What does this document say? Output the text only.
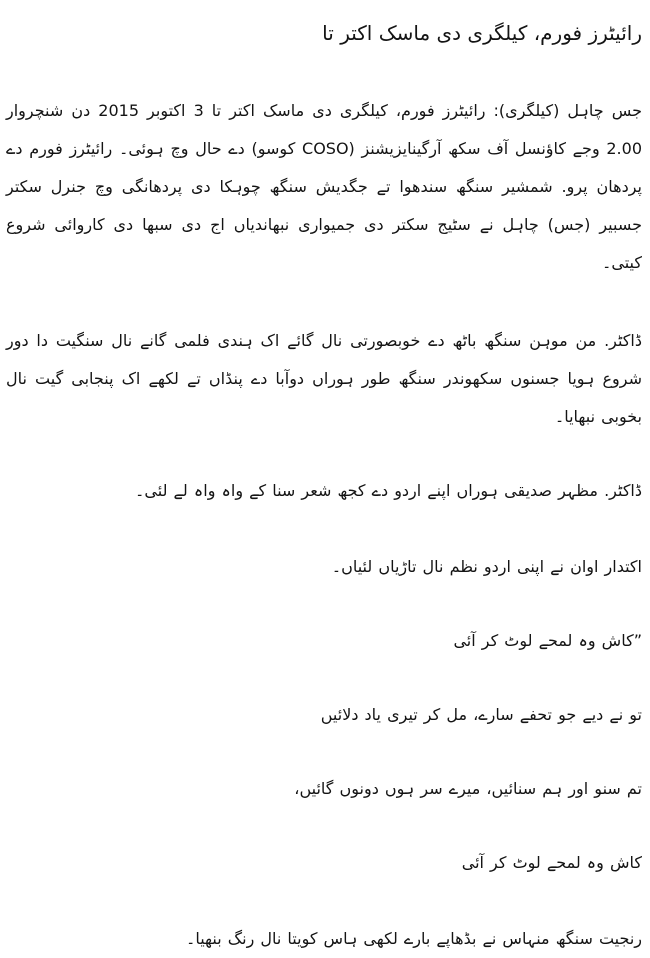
رائیٹرز فورم، کیلگری دی ماسک اکتر تا

جس چاہل (کیلگری): رائیٹرز فورم، کیلگری دی ماسک اکتر تا 3 اکتوبر 2015 دن شنچروار 2.00 وجے کاؤنسل آف سکھ آرگینایزیشنز (COSO کوسو) دے حال وچ ہوئی۔ رائیٹرز فورم دے پردھان پرو. شمشیر سنگھ سندھوا تے جگدیش سنگھ چوہکا دی پردھانگی وچ جنرل سکتر جسبیر (جس) چاہل نے سٹیج سکتر دی جمیواری نبھاندیاں اج دی سبھا دی کاروائی شروع کیتی۔

ڈاکٹر. من موہن سنگھ باٹھ دے خوبصورتی نال گائے اک ہندی فلمی گانے نال سنگیت دا دور شروع ہویا جسنوں سکھوندر سنگھ طور ہوراں دوآبا دے پنڈاں تے لکھے اک پنجابی گیت نال بخوبی نبھایا۔

ڈاکٹر. مظہر صدیقی ہوراں اپنے اردو دے کجھ شعر سنا کے واہ واہ لے لئی۔

اکتدار اوان نے اپنی اردو نظم نال تاڑیاں لئیاں۔

”کاش وہ لمحے لوٹ کر آئی

تو نے دیے جو تحفے سارے، مل کر تیری یاد دلائیں

تم سنو اور ہم سنائیں، میرے سر ہوں دونوں گائیں،

کاش وہ لمحے لوٹ کر آئی

رنجیت سنگھ منہاس نے بڈھاپے بارے لکھی ہاس کویتا نال رنگ بنھیا۔
